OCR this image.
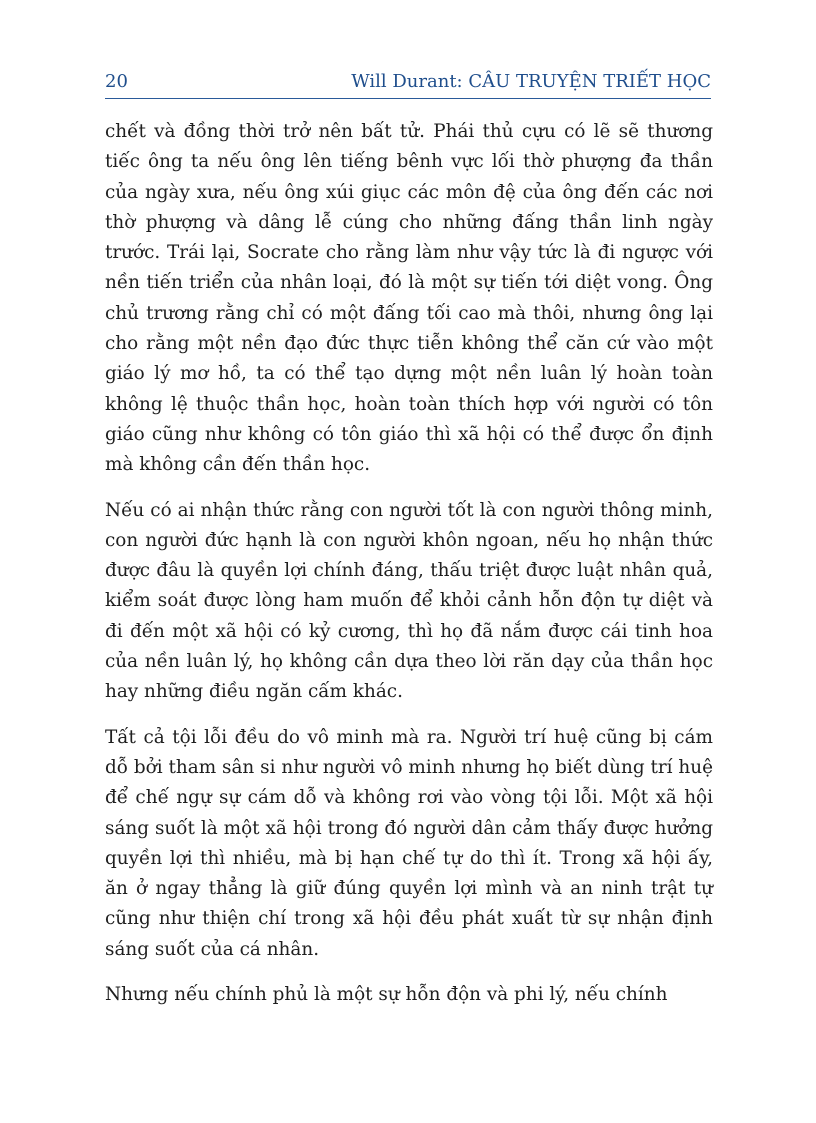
20	Will Durant: CÂU TRUYỆN TRIẾT HỌC

chết và đồng thời trở nên bất tử. Phái thủ cựu có lẽ sẽ thương tiếc ông ta nếu ông lên tiếng bênh vực lối thờ phượng đa thần của ngày xưa, nếu ông xúi giục các môn đệ của ông đến các nơi thờ phượng và dâng lễ cúng cho những đấng thần linh ngày trước. Trái lại, Socrate cho rằng làm như vậy tức là đi ngược với nền tiến triển của nhân loại, đó là một sự tiến tới diệt vong. Ông chủ trương rằng chỉ có một đấng tối cao mà thôi, nhưng ông lại cho rằng một nền đạo đức thực tiễn không thể căn cứ vào một giáo lý mơ hồ, ta có thể tạo dựng một nền luân lý hoàn toàn không lệ thuộc thần học, hoàn toàn thích hợp với người có tôn giáo cũng như không có tôn giáo thì xã hội có thể được ổn định mà không cần đến thần học.

Nếu có ai nhận thức rằng con người tốt là con người thông minh, con người đức hạnh là con người khôn ngoan, nếu họ nhận thức được đâu là quyền lợi chính đáng, thấu triệt được luật nhân quả, kiểm soát được lòng ham muốn để khỏi cảnh hỗn độn tự diệt và đi đến một xã hội có kỷ cương, thì họ đã nắm được cái tinh hoa của nền luân lý, họ không cần dựa theo lời răn dạy của thần học hay những điều ngăn cấm khác.

Tất cả tội lỗi đều do vô minh mà ra. Người trí huệ cũng bị cám dỗ bởi tham sân si như người vô minh nhưng họ biết dùng trí huệ để chế ngự sự cám dỗ và không rơi vào vòng tội lỗi. Một xã hội sáng suốt là một xã hội trong đó người dân cảm thấy được hưởng quyền lợi thì nhiều, mà bị hạn chế tự do thì ít. Trong xã hội ấy, ăn ở ngay thẳng là giữ đúng quyền lợi mình và an ninh trật tự cũng như thiện chí trong xã hội đều phát xuất từ sự nhận định sáng suốt của cá nhân.

Nhưng nếu chính phủ là một sự hỗn độn và phi lý, nếu chính
